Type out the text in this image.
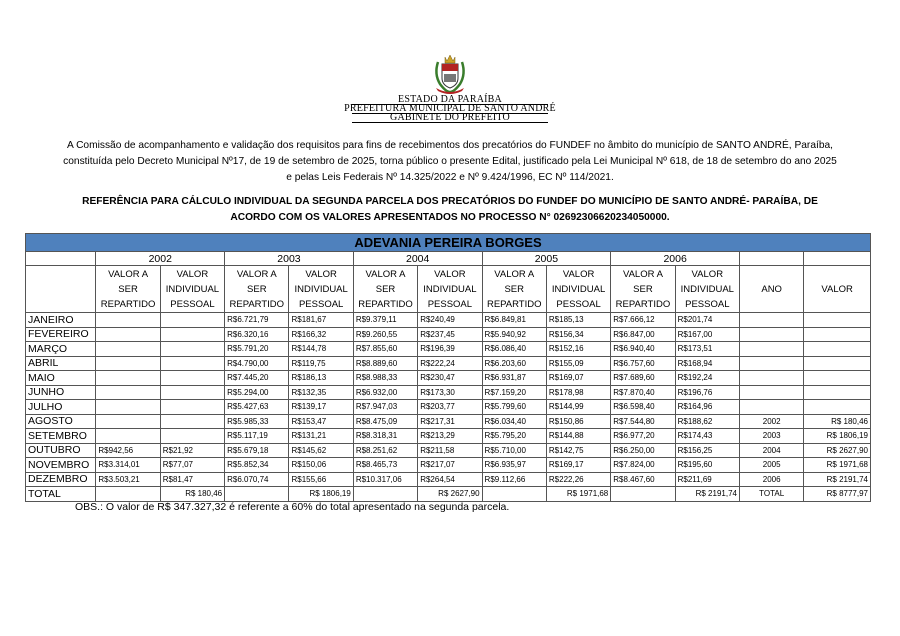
ESTADO DA PARAÍBA
PREFEITURA MUNICIPAL DE SANTO ANDRÉ
GABINETE DO PREFEITO
A Comissão de acompanhamento e validação dos requisitos para fins de recebimentos dos precatórios do FUNDEF no âmbito do município de SANTO ANDRÉ, Paraíba, constituída pelo Decreto Municipal Nº17, de 19 de setembro de 2025, torna público o presente Edital, justificado pela Lei Municipal Nº 618, de 18 de setembro do ano 2025 e pelas Leis Federais Nº 14.325/2022 e Nº 9.424/1996, EC Nº 114/2021.
REFERÊNCIA PARA CÁLCULO INDIVIDUAL DA SEGUNDA PARCELA DOS PRECATÓRIOS DO FUNDEF DO MUNICÍPIO DE SANTO ANDRÉ- PARAÍBA, DE ACORDO COM OS VALORES APRESENTADOS NO PROCESSO N° 02692306620234050000.
ADEVANIA PEREIRA BORGES												
	2002		2003		2004		2005		2006			
	VALOR A SER REPARTIDO	VALOR INDIVIDUAL PESSOAL	VALOR A SER REPARTIDO	VALOR INDIVIDUAL PESSOAL	VALOR A SER REPARTIDO	VALOR INDIVIDUAL PESSOAL	VALOR A SER REPARTIDO	VALOR INDIVIDUAL PESSOAL	VALOR A SER REPARTIDO	VALOR INDIVIDUAL PESSOAL	ANO	VALOR
JANEIRO			R$6.721,79	R$181,67	R$9.379,11	R$240,49	R$6.849,81	R$185,13	R$7.666,12	R$201,74		
FEVEREIRO			R$6.320,16	R$166,32	R$9.260,55	R$237,45	R$5.940,92	R$156,34	R$6.847,00	R$167,00		
MARÇO			R$5.791,20	R$144,78	R$7.855,60	R$196,39	R$6.086,40	R$152,16	R$6.940,40	R$173,51		
ABRIL			R$4.790,00	R$119,75	R$8.889,60	R$222,24	R$6.203,60	R$155,09	R$6.757,60	R$168,94		
MAIO			R$7.445,20	R$186,13	R$8.988,33	R$230,47	R$6.931,87	R$169,07	R$7.689,60	R$192,24		
JUNHO			R$5.294,00	R$132,35	R$6.932,00	R$173,30	R$7.159,20	R$178,98	R$7.870,40	R$196,76		
JULHO			R$5.427,63	R$139,17	R$7.947,03	R$203,77	R$5.799,60	R$144,99	R$6.598,40	R$164,96		
AGOSTO			R$5.985,33	R$153,47	R$8.475,09	R$217,31	R$6.034,40	R$150,86	R$7.544,80	R$188,62	2002	R$ 180,46
SETEMBRO			R$5.117,19	R$131,21	R$8.318,31	R$213,29	R$5.795,20	R$144,88	R$6.977,20	R$174,43	2003	R$ 1806,19
OUTUBRO	R$942,56	R$21,92	R$5.679,18	R$145,62	R$8.251,62	R$211,58	R$5.710,00	R$142,75	R$6.250,00	R$156,25	2004	R$ 2627,90
NOVEMBRO	R$3.314,01	R$77,07	R$5.852,34	R$150,06	R$8.465,73	R$217,07	R$6.935,97	R$169,17	R$7.824,00	R$195,60	2005	R$ 1971,68
DEZEMBRO	R$3.503,21	R$81,47	R$6.070,74	R$155,66	R$10.317,06	R$264,54	R$9.112,66	R$222,26	R$8.467,60	R$211,69	2006	R$ 2191,74
TOTAL		R$ 180,46		R$ 1806,19		R$ 2627,90		R$ 1971,68		R$ 2191,74	TOTAL	R$ 8777,97
OBS.: O valor de R$ 347.327,32 é referente a 60% do total apresentado na segunda parcela.
